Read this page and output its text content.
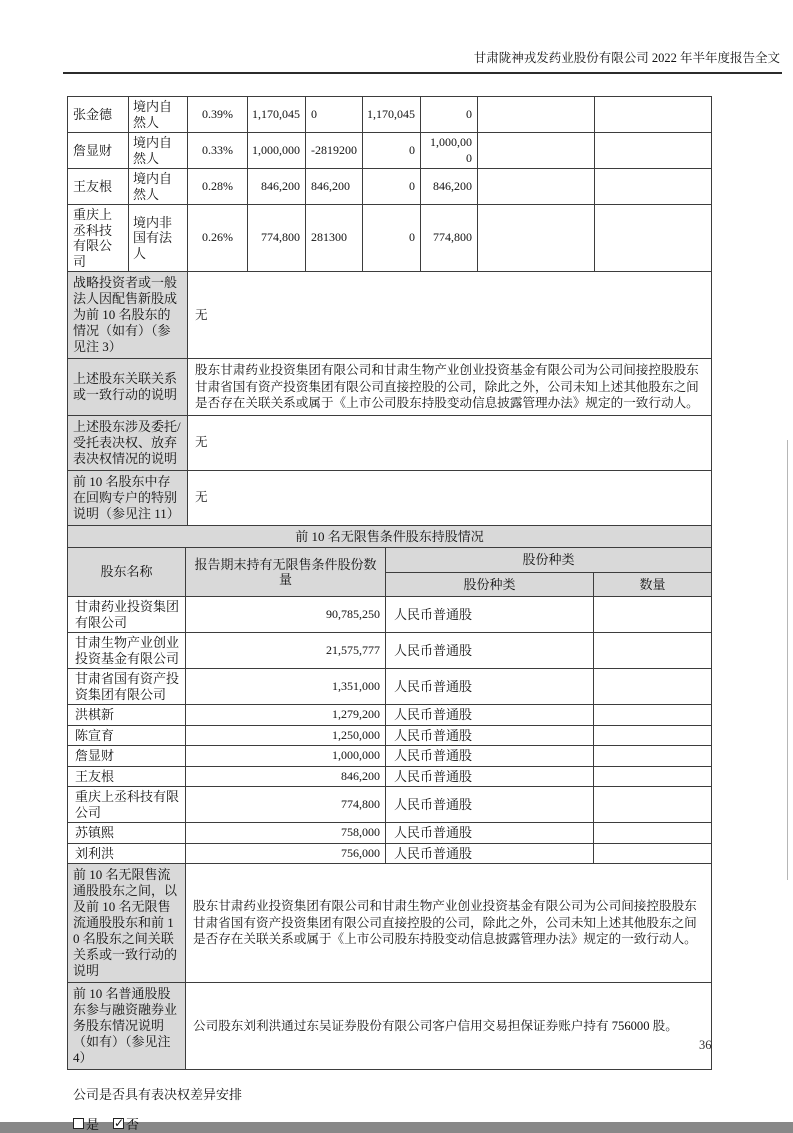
甘肃陇神戎发药业股份有限公司 2022 年半年度报告全文
张金德	境内自然人	0.39%	1,170,045	0	1,170,045	0		
詹显财	境内自然人	0.33%	1,000,000	-2819200	0	1,000,000		
王友根	境内自然人	0.28%	846,200	846,200	0	846,200		
重庆上丞科技有限公司	境内非国有法人	0.26%	774,800	281300	0	774,800		
战略投资者或一般法人因配售新股成为前 10 名股东的情况（如有）（参见注 3）		无						
上述股东关联关系或一致行动的说明		股东甘肃药业投资集团有限公司和甘肃生物产业创业投资基金有限公司为公司间接控股股东甘肃省国有资产投资集团有限公司直接控股的公司，除此之外，公司未知上述其他股东之间是否存在关联关系或属于《上市公司股东持股变动信息披露管理办法》规定的一致行动人。						
上述股东涉及委托/受托表决权、放弃表决权情况的说明		无						
前 10 名股东中存在回购专户的特别说明（参见注 11）		无						
前 10 名无限售条件股东持股情况			
股东名称	报告期末持有无限售条件股份数量	股份种类	
		股份种类	数量
甘肃药业投资集团有限公司	90,785,250	人民币普通股	
甘肃生物产业创业投资基金有限公司	21,575,777	人民币普通股	
甘肃省国有资产投资集团有限公司	1,351,000	人民币普通股	
洪棋新	1,279,200	人民币普通股	
陈宣育	1,250,000	人民币普通股	
詹显财	1,000,000	人民币普通股	
王友根	846,200	人民币普通股	
重庆上丞科技有限公司	774,800	人民币普通股	
苏镇熙	758,000	人民币普通股	
刘利洪	756,000	人民币普通股	
前 10 名无限售流通股股东之间，以及前 10 名无限售流通股股东和前 10 名股东之间关联关系或一致行动的说明	股东甘肃药业投资集团有限公司和甘肃生物产业创业投资基金有限公司为公司间接控股股东甘肃省国有资产投资集团有限公司直接控股的公司，除此之外，公司未知上述其他股东之间是否存在关联关系或属于《上市公司股东持股变动信息披露管理办法》规定的一致行动人。		
前 10 名普通股股东参与融资融券业务股东情况说明（如有）（参见注 4）	公司股东刘利洪通过东吴证券股份有限公司客户信用交易担保证券账户持有 756000 股。		
公司是否具有表决权差异安排
是 ✓ 否
36
